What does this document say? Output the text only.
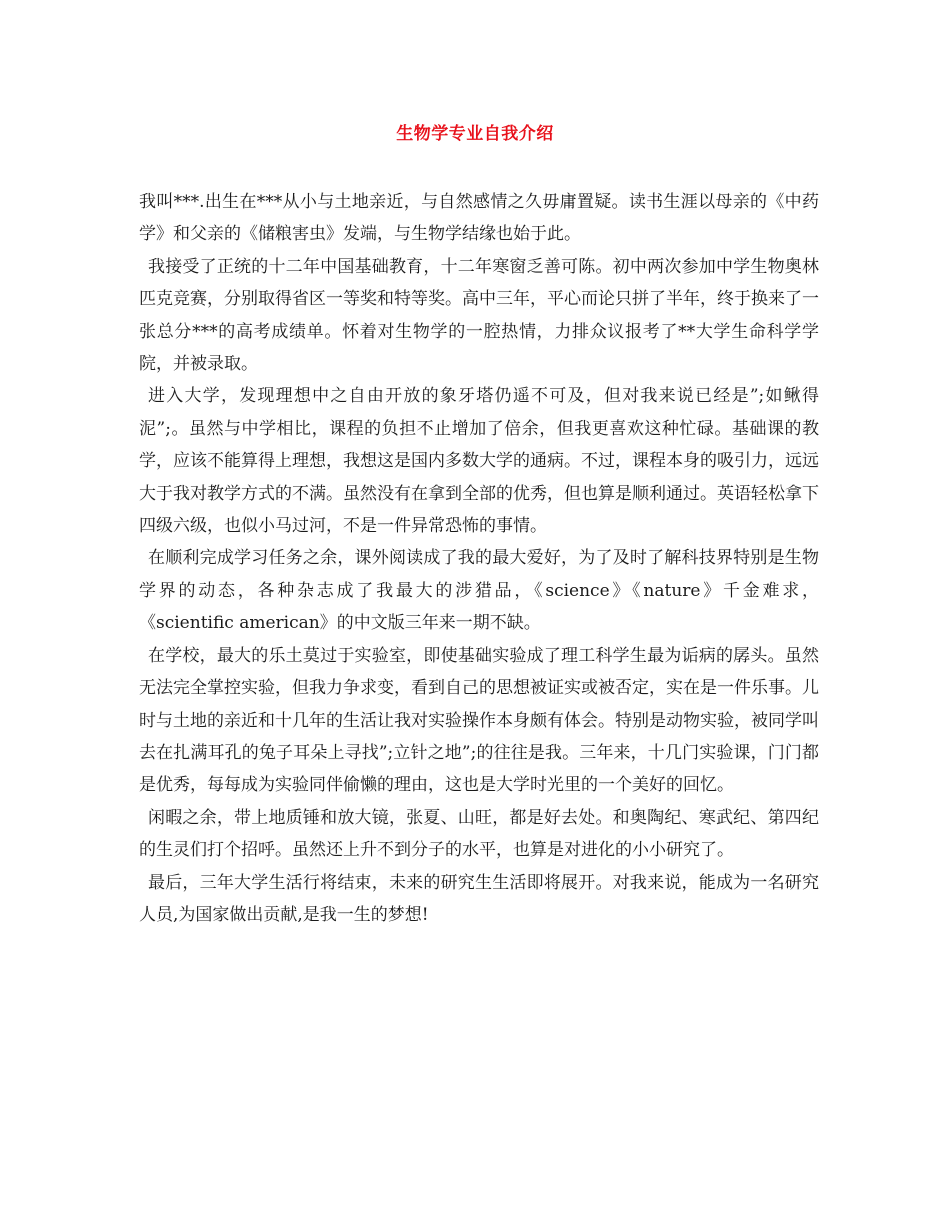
生物学专业自我介绍

我叫***.出生在***从小与土地亲近，与自然感情之久毋庸置疑。读书生涯以母亲的《中药学》和父亲的《储粮害虫》发端，与生物学结缘也始于此。

我接受了正统的十二年中国基础教育，十二年寒窗乏善可陈。初中两次参加中学生物奥林匹克竞赛，分别取得省区一等奖和特等奖。高中三年，平心而论只拼了半年，终于换来了一张总分***的高考成绩单。怀着对生物学的一腔热情，力排众议报考了**大学生命科学学院，并被录取。

进入大学，发现理想中之自由开放的象牙塔仍遥不可及，但对我来说已经是”;如鳅得泥”;。虽然与中学相比，课程的负担不止增加了倍余，但我更喜欢这种忙碌。基础课的教学，应该不能算得上理想，我想这是国内多数大学的通病。不过，课程本身的吸引力，远远大于我对教学方式的不满。虽然没有在拿到全部的优秀，但也算是顺利通过。英语轻松拿下四级六级，也似小马过河，不是一件异常恐怖的事情。

在顺利完成学习任务之余，课外阅读成了我的最大爱好，为了及时了解科技界特别是生物学界的动态，各种杂志成了我最大的涉猎品，《science》《nature》千金难求，《scientific american》的中文版三年来一期不缺。

在学校，最大的乐土莫过于实验室，即使基础实验成了理工科学生最为诟病的孱头。虽然无法完全掌控实验，但我力争求变，看到自己的思想被证实或被否定，实在是一件乐事。儿时与土地的亲近和十几年的生活让我对实验操作本身颇有体会。特别是动物实验，被同学叫去在扎满耳孔的兔子耳朵上寻找”;立针之地”;的往往是我。三年来，十几门实验课，门门都是优秀，每每成为实验同伴偷懒的理由，这也是大学时光里的一个美好的回忆。

闲暇之余，带上地质锤和放大镜，张夏、山旺，都是好去处。和奥陶纪、寒武纪、第四纪的生灵们打个招呼。虽然还上升不到分子的水平，也算是对进化的小小研究了。

最后，三年大学生活行将结束，未来的研究生生活即将展开。对我来说，能成为一名研究人员,为国家做出贡献,是我一生的梦想!
